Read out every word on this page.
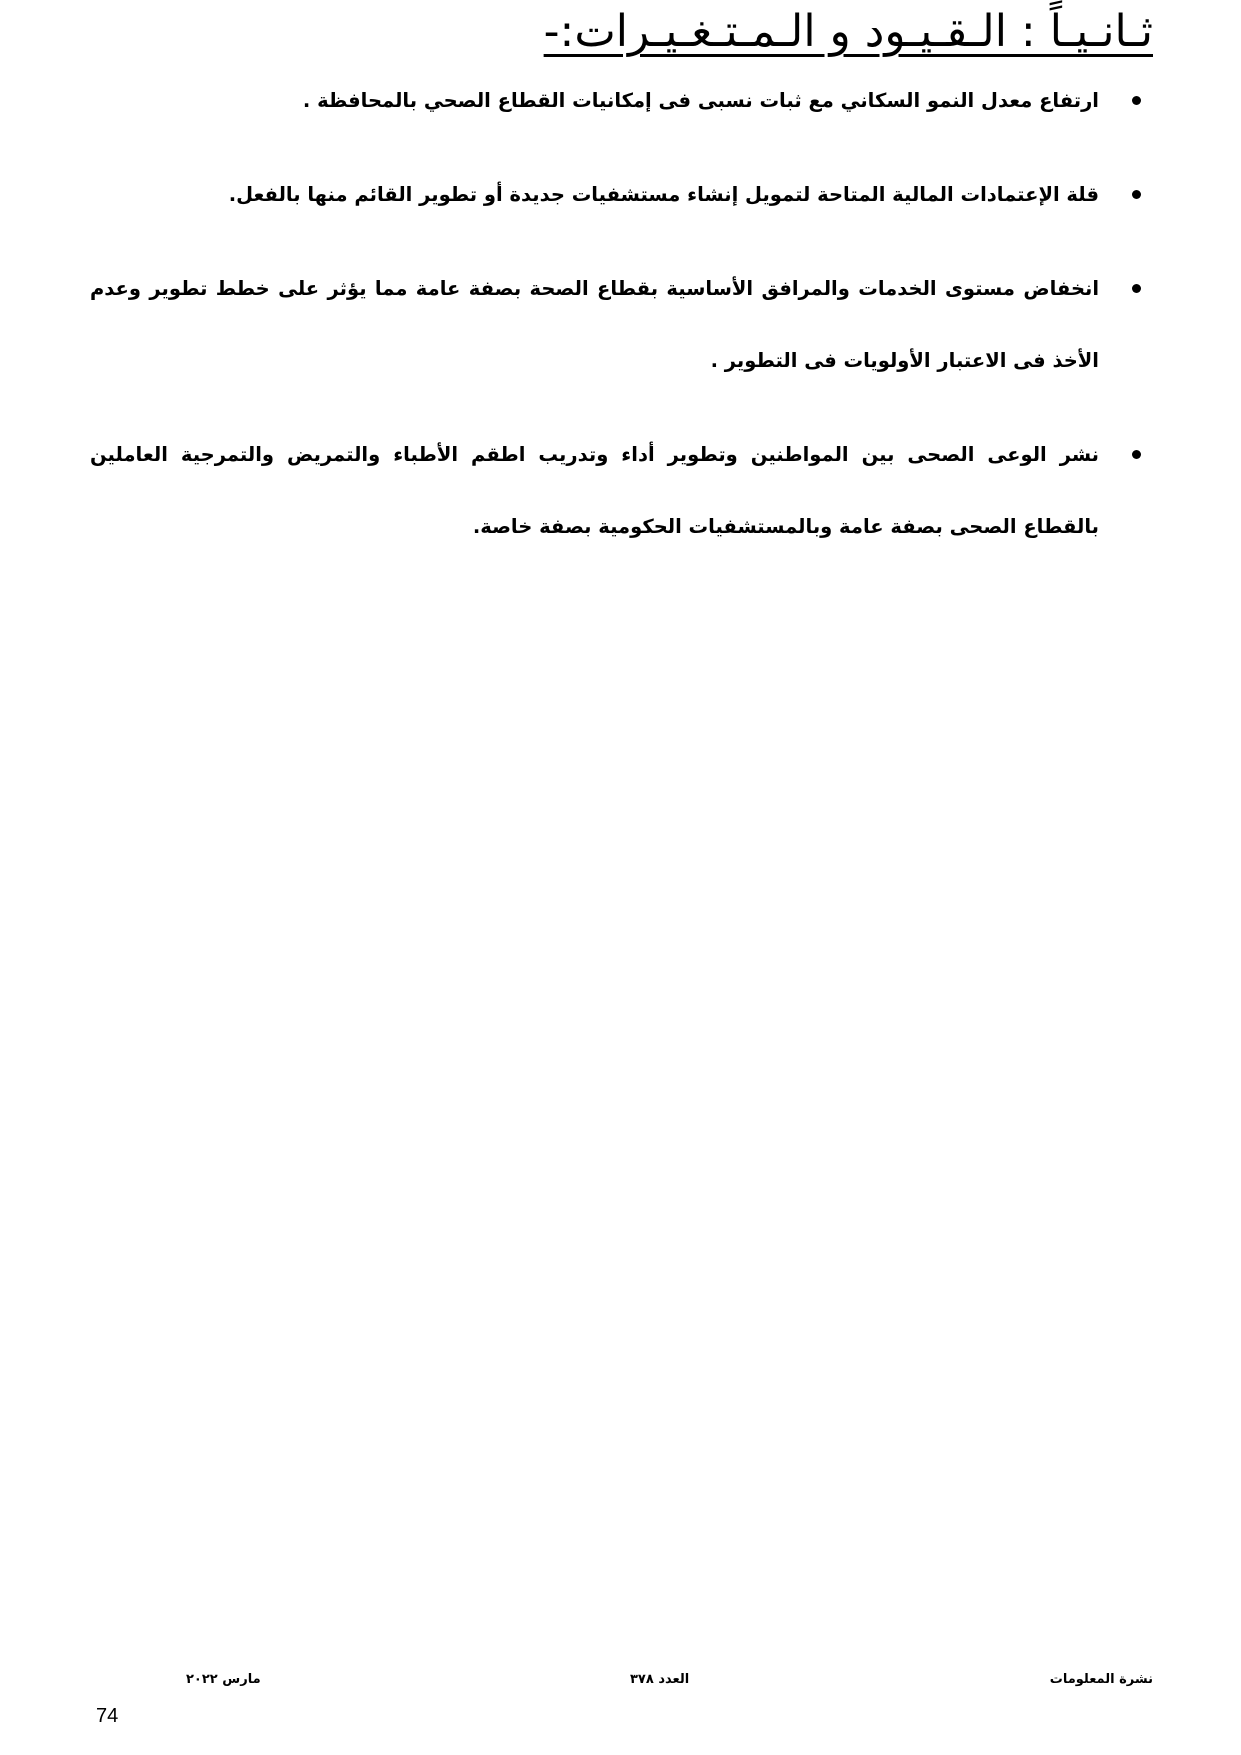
ثـانـيـاً : الـقـيـود و الـمـتـغـيـرات:-
ارتفاع معدل النمو السكاني مع ثبات نسبى فى إمكانيات القطاع الصحي بالمحافظة .
قلة الإعتمادات المالية المتاحة لتمويل إنشاء مستشفيات جديدة أو تطوير القائم منها بالفعل.
انخفاض مستوى الخدمات والمرافق الأساسية بقطاع الصحة بصفة عامة مما يؤثر على خطط تطوير وعدم الأخذ فى الاعتبار الأولويات فى التطوير .
نشر الوعى الصحى بين المواطنين وتطوير أداء وتدريب اطقم الأطباء والتمريض والتمرجية العاملين بالقطاع الصحى بصفة عامة وبالمستشفيات الحكومية بصفة خاصة.
نشرة المعلومات
العدد ٣٧٨
مارس ٢٠٢٢
74
